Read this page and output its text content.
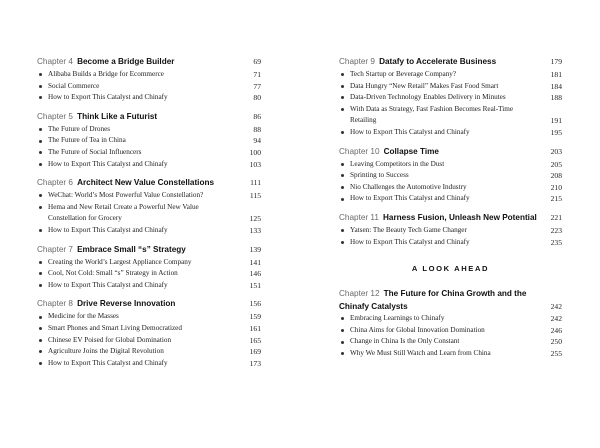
Chapter 4  Become a Bridge Builder	69
Alibaba Builds a Bridge for Ecommerce	71
Social Commerce	77
How to Export This Catalyst and Chinafy	80
Chapter 5  Think Like a Futurist	86
The Future of Drones	88
The Future of Tea in China	94
The Future of Social Influencers	100
How to Export This Catalyst and Chinafy	103
Chapter 6  Architect New Value Constellations	111
WeChat: World’s Most Powerful Value Constellation?	115
Hema and New Retail Create a Powerful New Value Constellation for Grocery	125
How to Export This Catalyst and Chinafy	133
Chapter 7  Embrace Small “s” Strategy	139
Creating the World’s Largest Appliance Company	141
Cool, Not Cold: Small “s” Strategy in Action	146
How to Export This Catalyst and Chinafy	151
Chapter 8  Drive Reverse Innovation	156
Medicine for the Masses	159
Smart Phones and Smart Living Democratized	161
Chinese EV Poised for Global Domination	165
Agriculture Joins the Digital Revolution	169
How to Export This Catalyst and Chinafy	173
Chapter 9  Datafy to Accelerate Business	179
Tech Startup or Beverage Company?	181
Data Hungry “New Retail” Makes Fast Food Smart	184
Data-Driven Technology Enables Delivery in Minutes	188
With Data as Strategy, Fast Fashion Becomes Real-Time Retailing	191
How to Export This Catalyst and Chinafy	195
Chapter 10  Collapse Time	203
Leaving Competitors in the Dust	205
Sprinting to Success	208
Nio Challenges the Automotive Industry	210
How to Export This Catalyst and Chinafy	215
Chapter 11  Harness Fusion, Unleash New Potential 221
Yatsen: The Beauty Tech Game Changer	223
How to Export This Catalyst and Chinafy	235
A LOOK AHEAD
Chapter 12  The Future for China Growth and the Chinafy Catalysts	242
Embracing Learnings to Chinafy	242
China Aims for Global Innovation Domination	246
Change in China Is the Only Constant	250
Why We Must Still Watch and Learn from China	255
